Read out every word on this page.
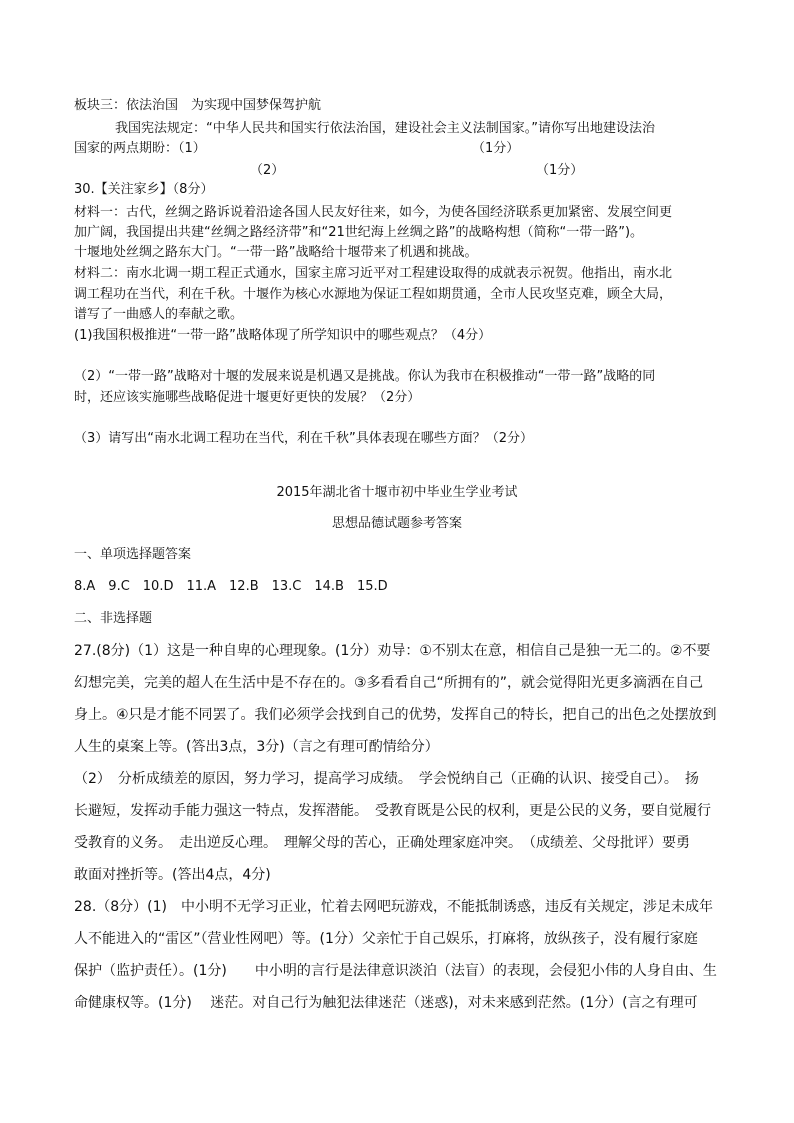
板块三：依法治国　为实现中国梦保驾护航
我国宪法规定：“中华人民共和国实行依法治国，建设社会主义法制国家。”请你写出地建设法治
国家的两点期盼：（1）	（1分）
（2）	（1分）
30.【关注家乡】（8分）
材料一：古代，丝绸之路诉说着沿途各国人民友好往来，如今，为使各国经济联系更加紧密、发展空间更
加广阔，我国提出共建“丝绸之路经济带”和“21世纪海上丝绸之路”的战略构想（简称“一带一路”)。
十堰地处丝绸之路东大门。“一带一路”战略给十堰带来了机遇和挑战。
材料二：南水北调一期工程正式通水，国家主席习近平对工程建设取得的成就表示祝贺。他指出，南水北
调工程功在当代，利在千秋。十堰作为核心水源地为保证工程如期贯通，全市人民攻坚克难，顾全大局，
谱写了一曲感人的奉献之歌。
(1)我国积极推进“一带一路”战略体现了所学知识中的哪些观点？（4分）
（2）“一带一路”战略对十堰的发展来说是机遇又是挑战。你认为我市在积极推动“一带一路”战略的同
时，还应该实施哪些战略促进十堰更好更快的发展？（2分）
（3）请写出“南水北调工程功在当代，利在千秋”具体表现在哪些方面？（2分）
2015年湖北省十堰市初中毕业生学业考试
思想品德试题参考答案
一、单项选择题答案
8.A　9.C　10.D　11.A　12.B　13.C　14.B　15.D
二、非选择题
27.(8分)（1）这是一种自卑的心理现象。(1分）劝导：①不别太在意，相信自己是独一无二的。②不要
幻想完美，完美的超人在生活中是不存在的。③多看看自己“所拥有的”，就会觉得阳光更多滴洒在自己
身上。④只是才能不同罢了。我们必须学会找到自己的优势，发挥自己的特长，把自己的出色之处摆放到
人生的桌案上等。(答出3点，3分)（言之有理可酌情给分）
（2）　分析成绩差的原因，努力学习，提高学习成绩。　学会悦纳自己（正确的认识、接受自己）。　扬
长避短，发挥动手能力强这一特点，发挥潜能。　受教育既是公民的权利，更是公民的义务，要自觉履行
受教育的义务。　走出逆反心理。　理解父母的苦心，正确处理家庭冲突。　（成绩差、父母批评）要勇
敢面对挫折等。(答出4点，4分)
28.（8分）(1)　中小明不无学习正业，忙着去网吧玩游戏，不能抵制诱惑，违反有关规定，涉足未成年
人不能进入的“雷区”（营业性网吧）等。(1分）父亲忙于自己娱乐，打麻将，放纵孩子，没有履行家庭
保护（监护责任）。(1分)　　中小明的言行是法律意识淡泊（法盲）的表现，会侵犯小伟的人身自由、生
命健康权等。(1分)　 迷茫。对自己行为触犯法律迷茫（迷惑)，对未来感到茫然。(1分）(言之有理可
